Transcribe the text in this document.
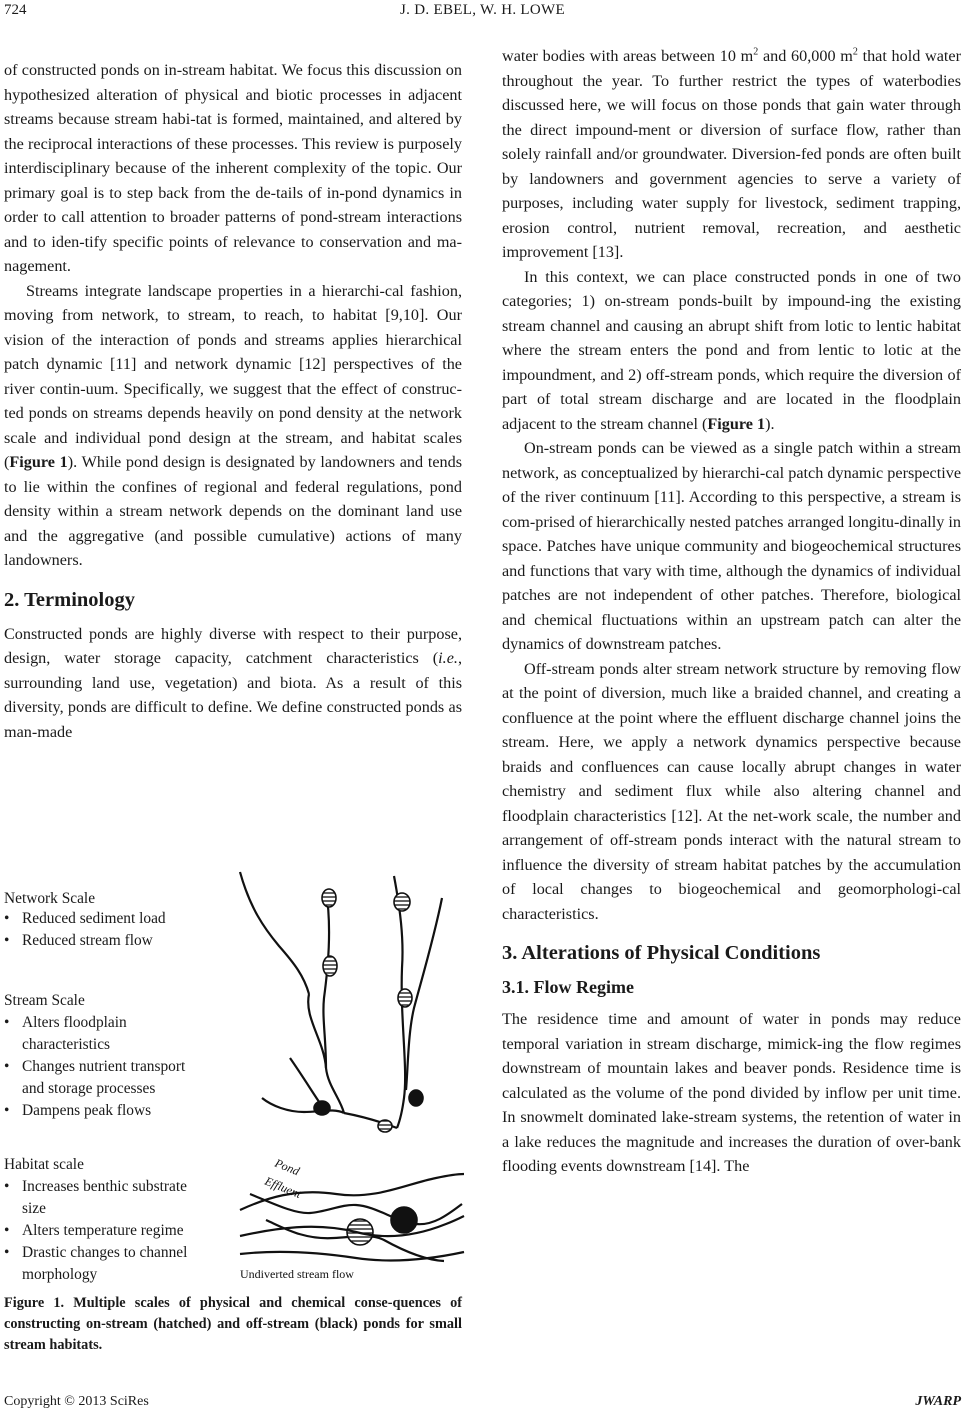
724	J. D. EBEL, W. H. LOWE

of constructed ponds on in-stream habitat. We focus this discussion on hypothesized alteration of physical and biotic processes in adjacent streams because stream habi-tat is formed, maintained, and altered by the reciprocal interactions of these processes. This review is purposely interdisciplinary because of the inherent complexity of the topic. Our primary goal is to step back from the de-tails of in-pond dynamics in order to call attention to broader patterns of pond-stream interactions and to iden-tify specific points of relevance to conservation and ma-nagement.

Streams integrate landscape properties in a hierarchi-cal fashion, moving from network, to stream, to reach, to habitat [9,10]. Our vision of the interaction of ponds and streams applies hierarchical patch dynamic [11] and network dynamic [12] perspectives of the river contin-uum. Specifically, we suggest that the effect of construc-ted ponds on streams depends heavily on pond density at the network scale and individual pond design at the stream, and habitat scales (Figure 1). While pond design is designated by landowners and tends to lie within the confines of regional and federal regulations, pond density within a stream network depends on the dominant land use and the aggregative (and possible cumulative) actions of many landowners.

2. Terminology

Constructed ponds are highly diverse with respect to their purpose, design, water storage capacity, catchment characteristics (i.e., surrounding land use, vegetation) and biota. As a result of this diversity, ponds are difficult to define. We define constructed ponds as man-made

Network Scale
• Reduced sediment load
• Reduced stream flow
Stream Scale
• Alters floodplain
characteristics
• Changes nutrient transport
and storage processes
• Dampens peak flows
Habitat scale
• Increases benthic substrate
size
• Alters temperature regime
• Drastic changes to channel
morphology
Pond
Effluent
Undiverted stream flow
Figure 1. Multiple scales of physical and chemical conse-quences of constructing on-stream (hatched) and off-stream (black) ponds for small stream habitats.

water bodies with areas between 10 $m^2$ and 60,000 $m^2$ that hold water throughout the year. To further restrict the types of waterbodies discussed here, we will focus on those ponds that gain water through the direct impound-ment or diversion of surface flow, rather than solely rainfall and/or groundwater. Diversion-fed ponds are often built by landowners and government agencies to serve a variety of purposes, including water supply for livestock, sediment trapping, erosion control, nutrient removal, recreation, and aesthetic improvement [13].

In this context, we can place constructed ponds in one of two categories; 1) on-stream ponds-built by impound-ing the existing stream channel and causing an abrupt shift from lotic to lentic habitat where the stream enters the pond and from lentic to lotic at the impoundment, and 2) off-stream ponds, which require the diversion of part of total stream discharge and are located in the floodplain adjacent to the stream channel (Figure 1).

On-stream ponds can be viewed as a single patch within a stream network, as conceptualized by hierarchi-cal patch dynamic perspective of the river continuum [11]. According to this perspective, a stream is com-prised of hierarchically nested patches arranged longitu-dinally in space. Patches have unique community and biogeochemical structures and functions that vary with time, although the dynamics of individual patches are not independent of other patches. Therefore, biological and chemical fluctuations within an upstream patch can alter the dynamics of downstream patches.

Off-stream ponds alter stream network structure by removing flow at the point of diversion, much like a braided channel, and creating a confluence at the point where the effluent discharge channel joins the stream. Here, we apply a network dynamics perspective because braids and confluences can cause locally abrupt changes in water chemistry and sediment flux while also altering channel and floodplain characteristics [12]. At the net-work scale, the number and arrangement of off-stream ponds interact with the natural stream to influence the diversity of stream habitat patches by the accumulation of local changes to biogeochemical and geomorphologi-cal characteristics.

3. Alterations of Physical Conditions
3.1. Flow Regime

The residence time and amount of water in ponds may reduce temporal variation in stream discharge, mimick-ing the flow regimes downstream of mountain lakes and beaver ponds. Residence time is calculated as the volume of the pond divided by inflow per unit time. In snowmelt dominated lake-stream systems, the retention of water in a lake reduces the magnitude and increases the duration of over-bank flooding events downstream [14]. The

Copyright © 2013 SciRes	JWARP
